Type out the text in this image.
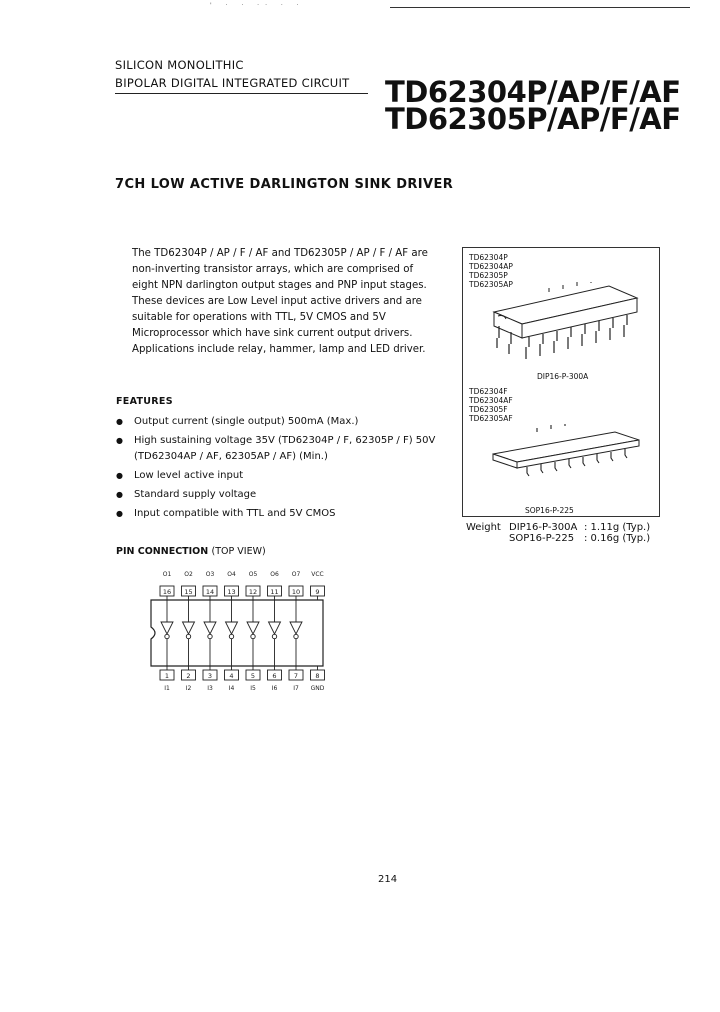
' · · ·· · ·
SILICON MONOLITHIC
BIPOLAR DIGITAL INTEGRATED CIRCUIT TD62304P/AP/F/AF
TD62305P/AP/F/AF
7CH LOW ACTIVE DARLINGTON SINK DRIVER

The TD62304P / AP / F / AF and TD62305P / AP / F / AF are non-inverting transistor arrays, which are comprised of eight NPN darlington output stages and PNP input stages.

These devices are Low Level input active drivers and are suitable for operations with TTL, 5V CMOS and 5V Microprocessor which have sink current output drivers. Applications include relay, hammer, lamp and LED driver.

FEATURES
● Output current (single output) 500mA (Max.)
● High sustaining voltage 35V (TD62304P / F, 62305P / F) 50V (TD62304AP / AF, 62305AP / AF) (Min.)
● Low level active input
● Standard supply voltage
● Input compatible with TTL and 5V CMOS
TD62304P
TD62304AP
TD62305P
TD62305AP
DIP16-P-300A
TD62304F
TD62304AF
TD62305F
TD62305AF
SOP16-P-225
Weight DIP16-P-300A : 1.11g (Typ.)
SOP16-P-225 : 0.16g (Typ.)
PIN CONNECTION (TOP VIEW)
O1 O2 O3 O4 O5 O6 O7 VCC
16 15 14 13 12 11 10 9
1	2	3	4	5	6	7	8
I1	I2	I3	I4	I5	I6	I7 GND
214
